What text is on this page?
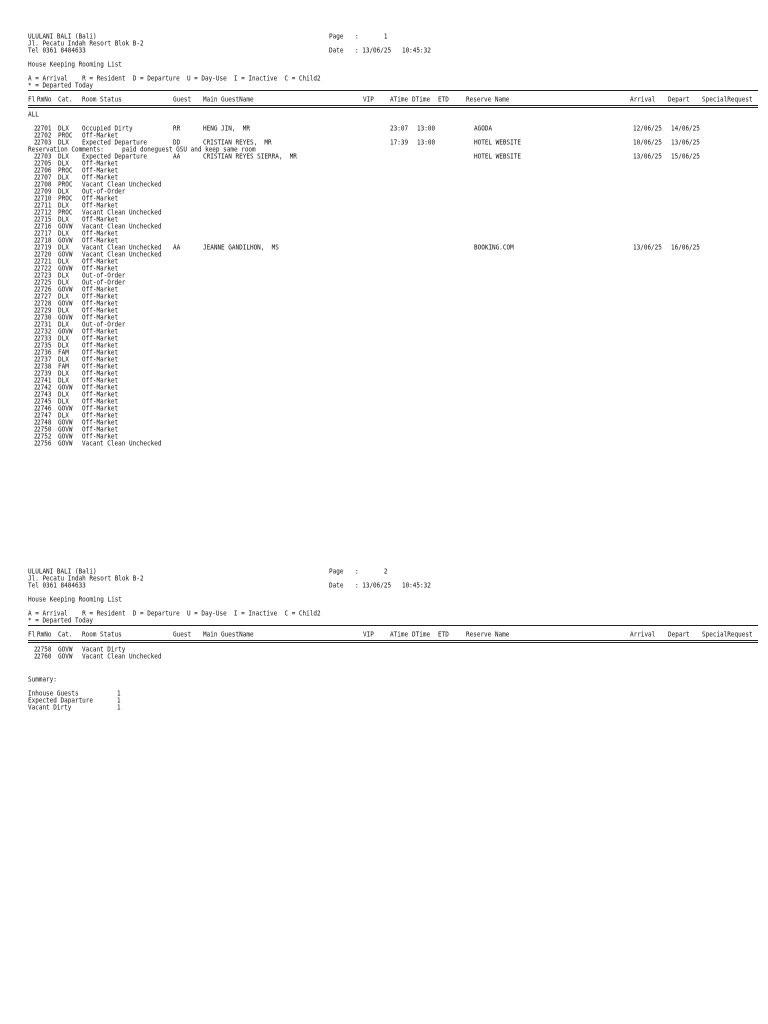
ULULANI BALI (Bali)
Jl. Pecatu Indah Resort Blok B-2
Tel 0361 8484633
Page :       1
Date : 13/06/25   10:45:32
House Keeping Rooming List
A = Arrival    R = Resident  D = Departure  U = Day-Use  I = Inactive  C = Child2
* = Departed Today
Fl RmNo Cat. Room Status	Guest Main GuestName	VIP	ATime DTime ETD	Reserve Name	Arrival Depart SpecialRequest
ALL
2 2701 DLX Occupied Dirty	RR	HENG JIN,  MR	23:07 13:00	AGODA	12/06/25 14/06/25
2 2702 PROC Off-Market
2 2703 DLX Expected Departure	DD	CRISTIAN REYES,  MR	17:39 13:00	HOTEL WEBSITE	10/06/25 13/06/25
2 2703 DLX Expected Departure	AA	CRISTIAN REYES SIERRA,  MR	HOTEL WEBSITE	13/06/25 15/06/25
2 2705 DLX Off-Market
2 2706 PROC Off-Market
2 2707 DLX Off-Market
2 2708 PROC Vacant Clean Unchecked
2 2709 DLX Out-of-Order
2 2710 PROC Off-Market
2 2711 DLX Off-Market
2 2712 PROC Vacant Clean Unchecked
2 2715 DLX Off-Market
2 2716 GOVW Vacant Clean Unchecked
2 2717 DLX Off-Market
2 2718 GOVW Off-Market
2 2719 DLX Vacant Clean Unchecked AA	JEANNE GANDILHON,  MS	BOOKING.COM	13/06/25 16/06/25
2 2720 GOVW Vacant Clean Unchecked
2 2721 DLX Off-Market
2 2722 GOVW Off-Market
2 2723 DLX Out-of-Order
2 2725 DLX Out-of-Order
2 2726 GOVW Off-Market
2 2727 DLX Off-Market
2 2728 GOVW Off-Market
2 2729 DLX Off-Market
2 2730 GOVW Off-Market
2 2731 DLX Out-of-Order
2 2732 GOVW Off-Market
2 2733 DLX Off-Market
2 2735 DLX Off-Market
2 2736 FAM Off-Market
2 2737 DLX Off-Market
2 2738 FAM Off-Market
2 2739 DLX Off-Market
2 2741 DLX Off-Market
2 2742 GOVW Off-Market
2 2743 DLX Off-Market
2 2745 DLX Off-Market
2 2746 GOVW Off-Market
2 2747 DLX Off-Market
2 2748 GOVW Off-Market
2 2750 GOVW Off-Market
2 2752 GOVW Off-Market
2 2756 GOVW Vacant Clean Unchecked
Reservation Comments:	paid doneguest GSU and keep same room
ULULANI BALI (Bali)
Jl. Pecatu Indah Resort Blok B-2
Tel 0361 8484633
Page :       2
Date : 13/06/25   10:45:32
House Keeping Rooming List
A = Arrival    R = Resident  D = Departure  U = Day-Use  I = Inactive  C = Child2
* = Departed Today
Fl RmNo Cat. Room Status	Guest Main GuestName	VIP	ATime DTime ETD	Reserve Name	Arrival Depart SpecialRequest
2 2758 GOVW Vacant Dirty
2 2760 GOVW Vacant Clean Unchecked
Summary:
Inhouse Guests	1
Expected Daparture	1
Vacant Dirty	1
